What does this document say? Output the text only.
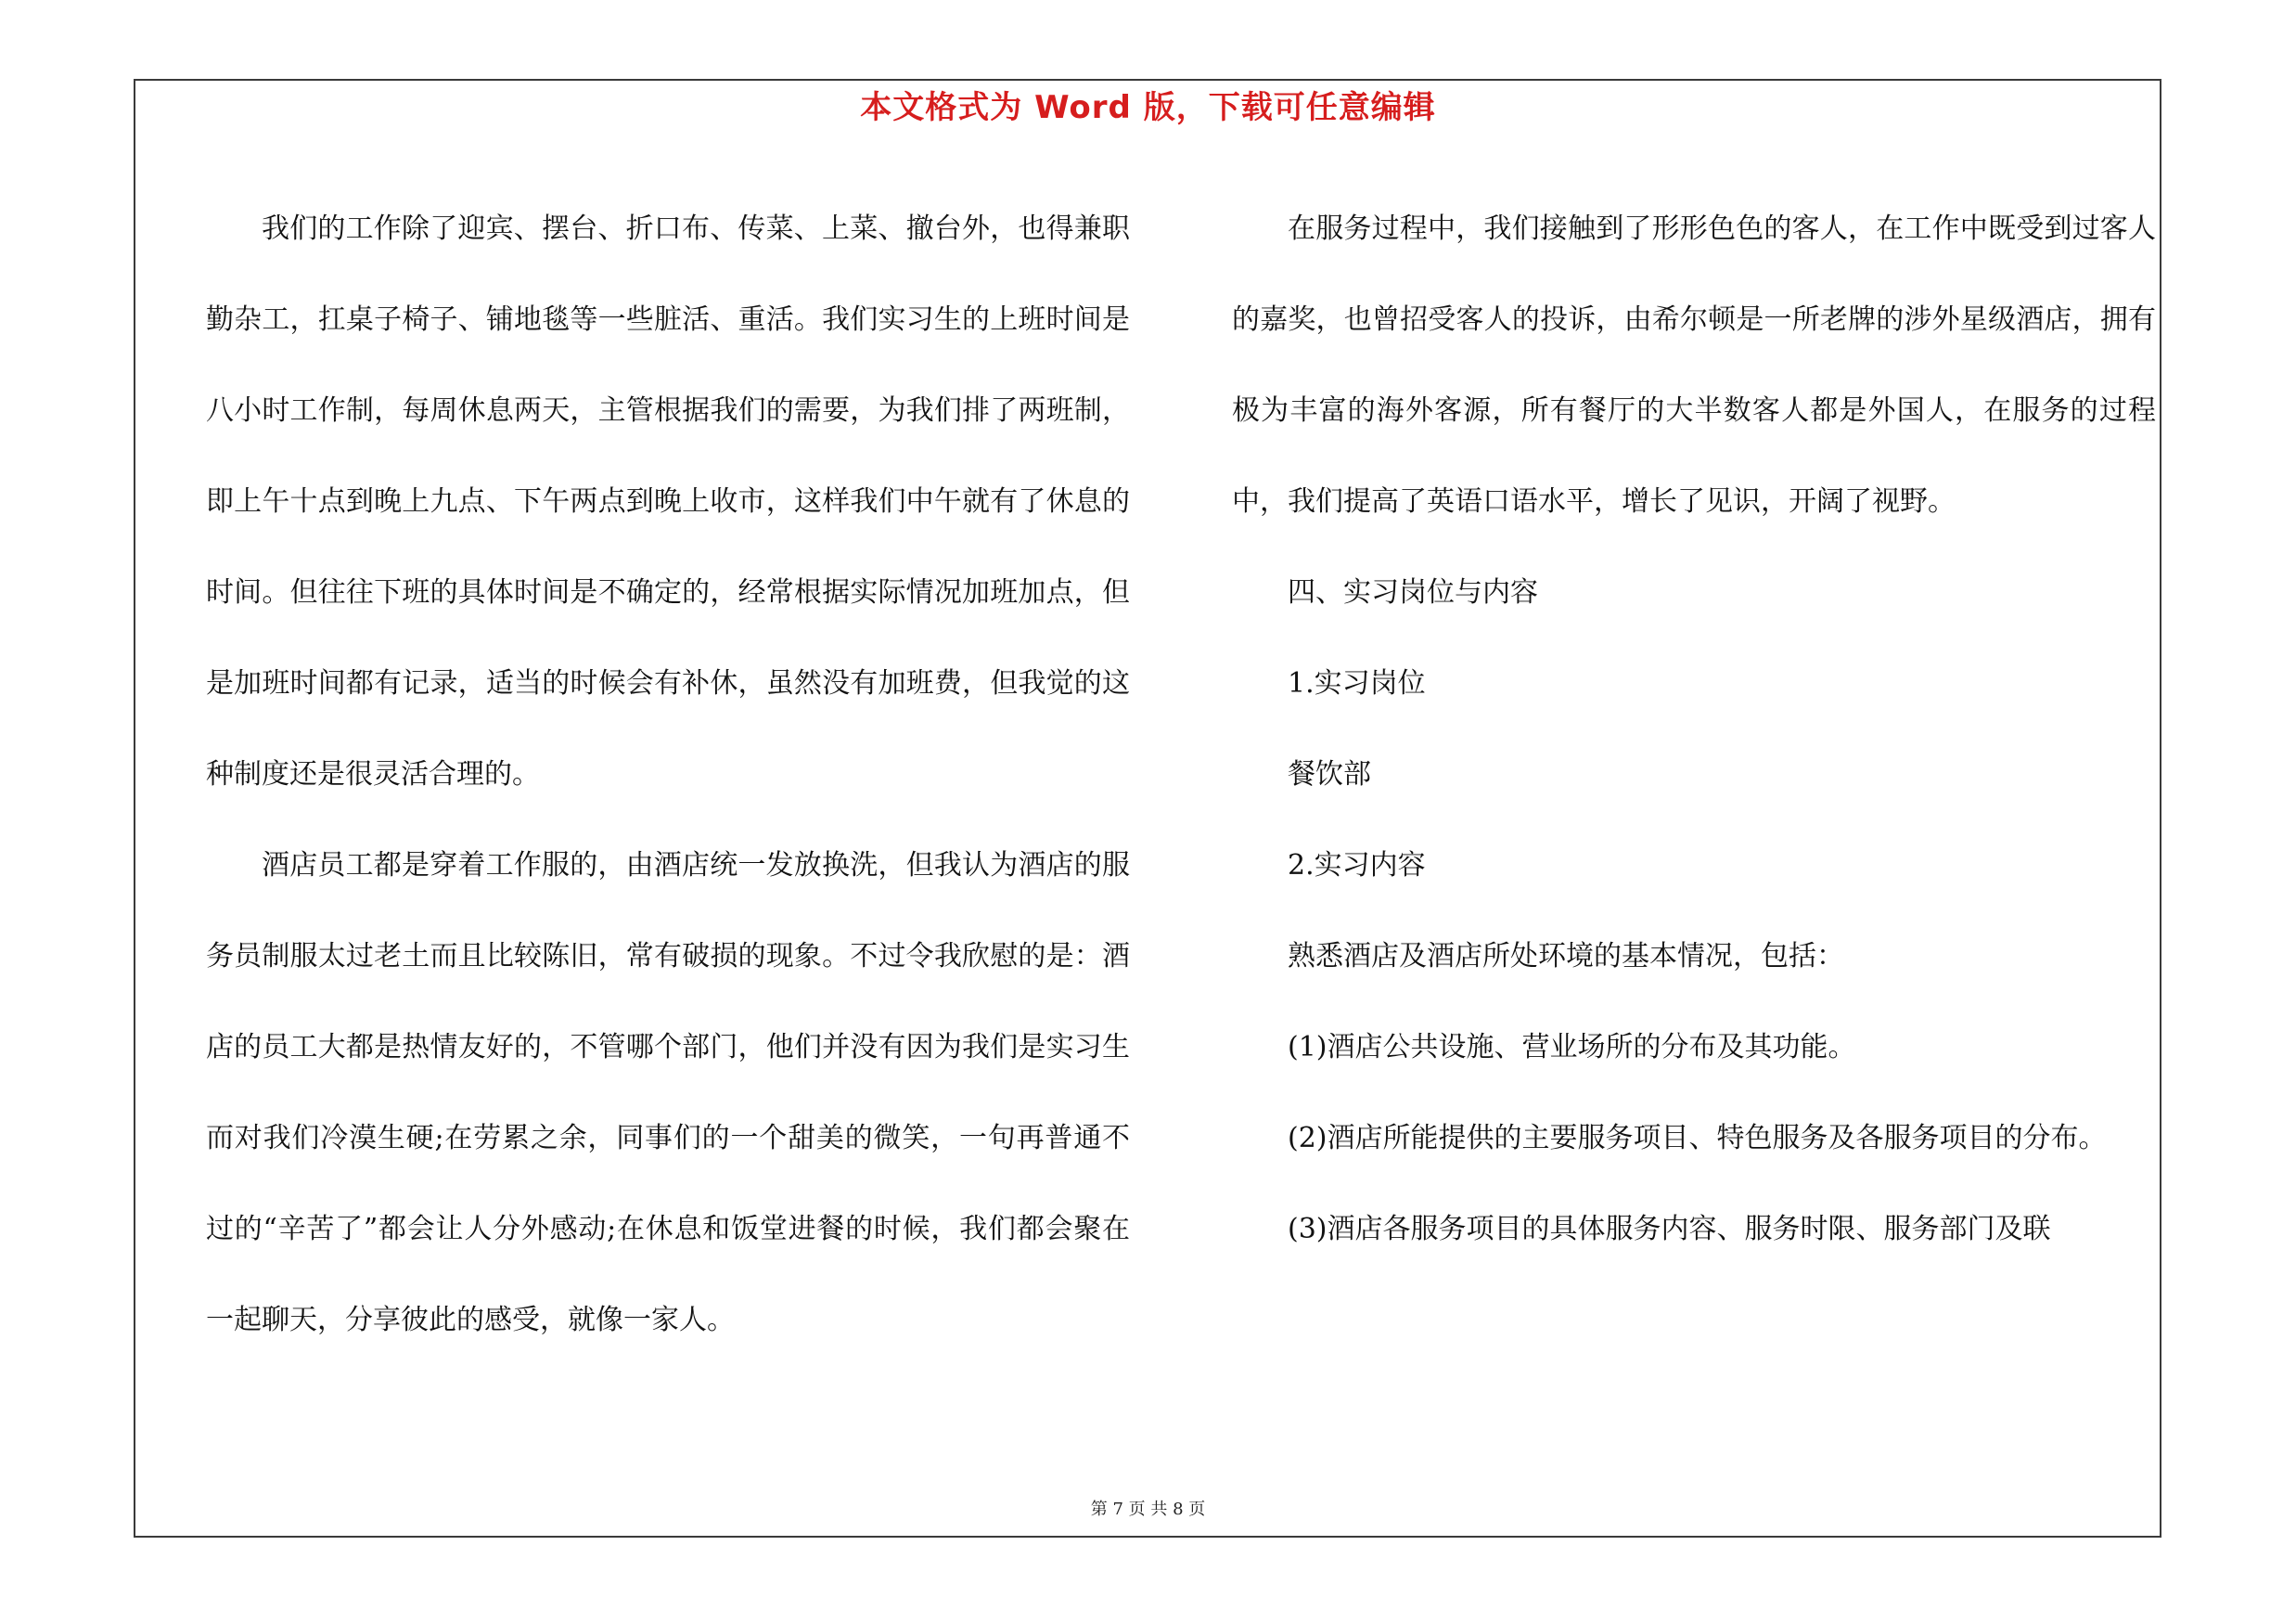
本文格式为 Word 版，下载可任意编辑

我们的工作除了迎宾、摆台、折口布、传菜、上菜、撤台外，也得兼职勤杂工，扛桌子椅子、铺地毯等一些脏活、重活。我们实习生的上班时间是八小时工作制，每周休息两天，主管根据我们的需要，为我们排了两班制，即上午十点到晚上九点、下午两点到晚上收市，这样我们中午就有了休息的时间。但往往下班的具体时间是不确定的，经常根据实际情况加班加点，但是加班时间都有记录，适当的时候会有补休，虽然没有加班费，但我觉的这种制度还是很灵活合理的。

酒店员工都是穿着工作服的，由酒店统一发放换洗，但我认为酒店的服务员制服太过老土而且比较陈旧，常有破损的现象。不过令我欣慰的是：酒店的员工大都是热情友好的，不管哪个部门，他们并没有因为我们是实习生而对我们冷漠生硬;在劳累之余，同事们的一个甜美的微笑，一句再普通不过的“辛苦了”都会让人分外感动;在休息和饭堂进餐的时候，我们都会聚在一起聊天，分享彼此的感受，就像一家人。

在服务过程中，我们接触到了形形色色的客人，在工作中既受到过客人的嘉奖，也曾招受客人的投诉，由希尔顿是一所老牌的涉外星级酒店，拥有极为丰富的海外客源，所有餐厅的大半数客人都是外国人，在服务的过程中，我们提高了英语口语水平，增长了见识，开阔了视野。

四、实习岗位与内容

1.实习岗位

餐饮部

2.实习内容

熟悉酒店及酒店所处环境的基本情况，包括：

(1)酒店公共设施、营业场所的分布及其功能。

(2)酒店所能提供的主要服务项目、特色服务及各服务项目的分布。

(3)酒店各服务项目的具体服务内容、服务时限、服务部门及联

第 7 页 共 8 页
